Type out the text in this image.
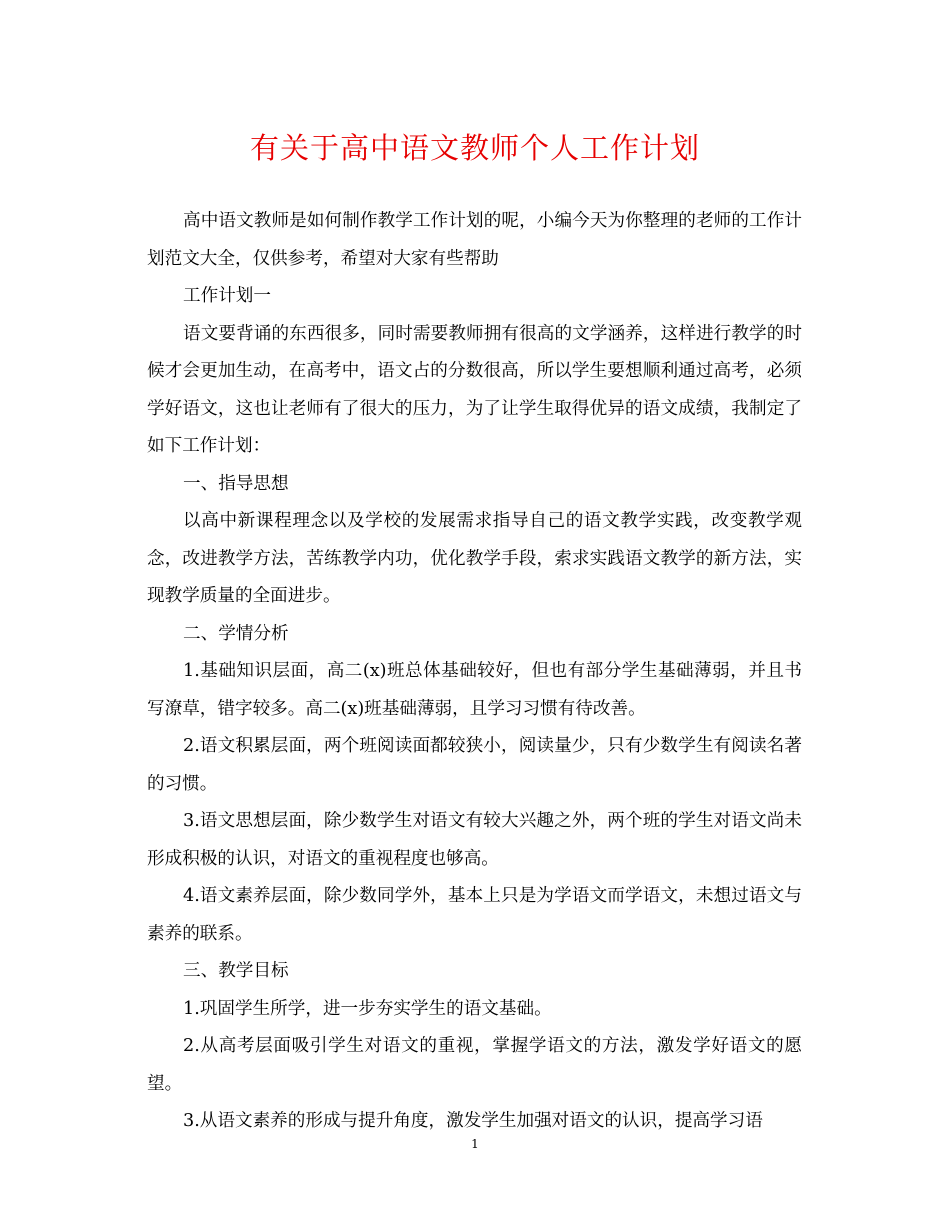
有关于高中语文教师个人工作计划

高中语文教师是如何制作教学工作计划的呢，小编今天为你整理的老师的工作计划范文大全，仅供参考，希望对大家有些帮助

工作计划一

语文要背诵的东西很多，同时需要教师拥有很高的文学涵养，这样进行教学的时候才会更加生动，在高考中，语文占的分数很高，所以学生要想顺利通过高考，必须学好语文，这也让老师有了很大的压力，为了让学生取得优异的语文成绩，我制定了如下工作计划：

一、指导思想

以高中新课程理念以及学校的发展需求指导自己的语文教学实践，改变教学观念，改进教学方法，苦练教学内功，优化教学手段，索求实践语文教学的新方法，实现教学质量的全面进步。

二、学情分析

1.基础知识层面，高二(x)班总体基础较好，但也有部分学生基础薄弱，并且书写潦草，错字较多。高二(x)班基础薄弱，且学习习惯有待改善。

2.语文积累层面，两个班阅读面都较狭小，阅读量少，只有少数学生有阅读名著的习惯。

3.语文思想层面，除少数学生对语文有较大兴趣之外，两个班的学生对语文尚未形成积极的认识，对语文的重视程度也够高。

4.语文素养层面，除少数同学外，基本上只是为学语文而学语文，未想过语文与素养的联系。

三、教学目标

1.巩固学生所学，进一步夯实学生的语文基础。

2.从高考层面吸引学生对语文的重视，掌握学语文的方法，激发学好语文的愿望。

3.从语文素养的形成与提升角度，激发学生加强对语文的认识，提高学习语

1
